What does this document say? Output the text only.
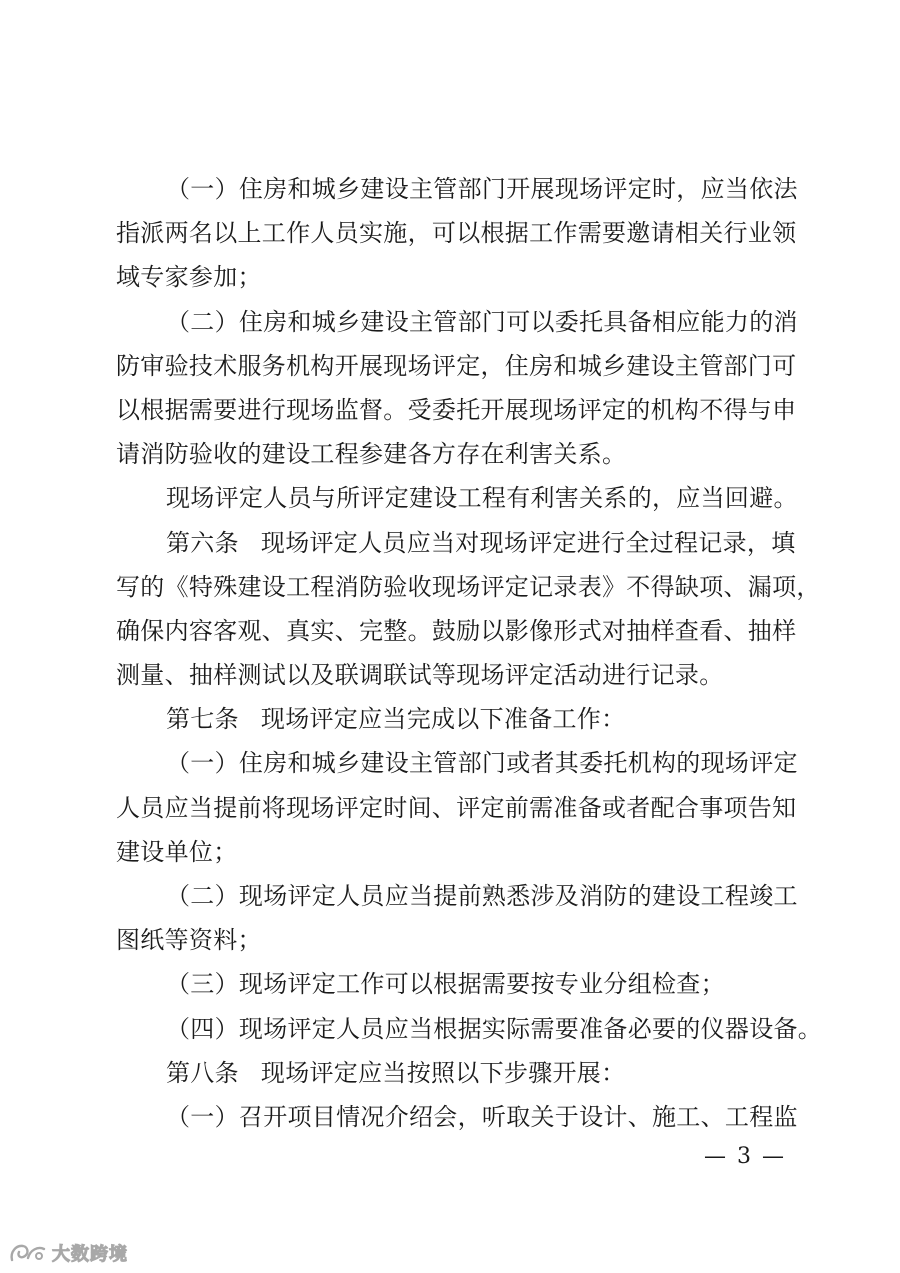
（一）住房和城乡建设主管部门开展现场评定时，应当依法
指派两名以上工作人员实施，可以根据工作需要邀请相关行业领
域专家参加；
（二）住房和城乡建设主管部门可以委托具备相应能力的消
防审验技术服务机构开展现场评定，住房和城乡建设主管部门可
以根据需要进行现场监督。受委托开展现场评定的机构不得与申
请消防验收的建设工程参建各方存在利害关系。
现场评定人员与所评定建设工程有利害关系的，应当回避。
第六条 现场评定人员应当对现场评定进行全过程记录，填
写的《特殊建设工程消防验收现场评定记录表》不得缺项、漏项，
确保内容客观、真实、完整。鼓励以影像形式对抽样查看、抽样
测量、抽样测试以及联调联试等现场评定活动进行记录。
第七条 现场评定应当完成以下准备工作：
（一）住房和城乡建设主管部门或者其委托机构的现场评定
人员应当提前将现场评定时间、评定前需准备或者配合事项告知
建设单位；
（二）现场评定人员应当提前熟悉涉及消防的建设工程竣工
图纸等资料；
（三）现场评定工作可以根据需要按专业分组检查；
（四）现场评定人员应当根据实际需要准备必要的仪器设备。
第八条 现场评定应当按照以下步骤开展：
（一）召开项目情况介绍会，听取关于设计、施工、工程监
— 3 —
大数跨境
